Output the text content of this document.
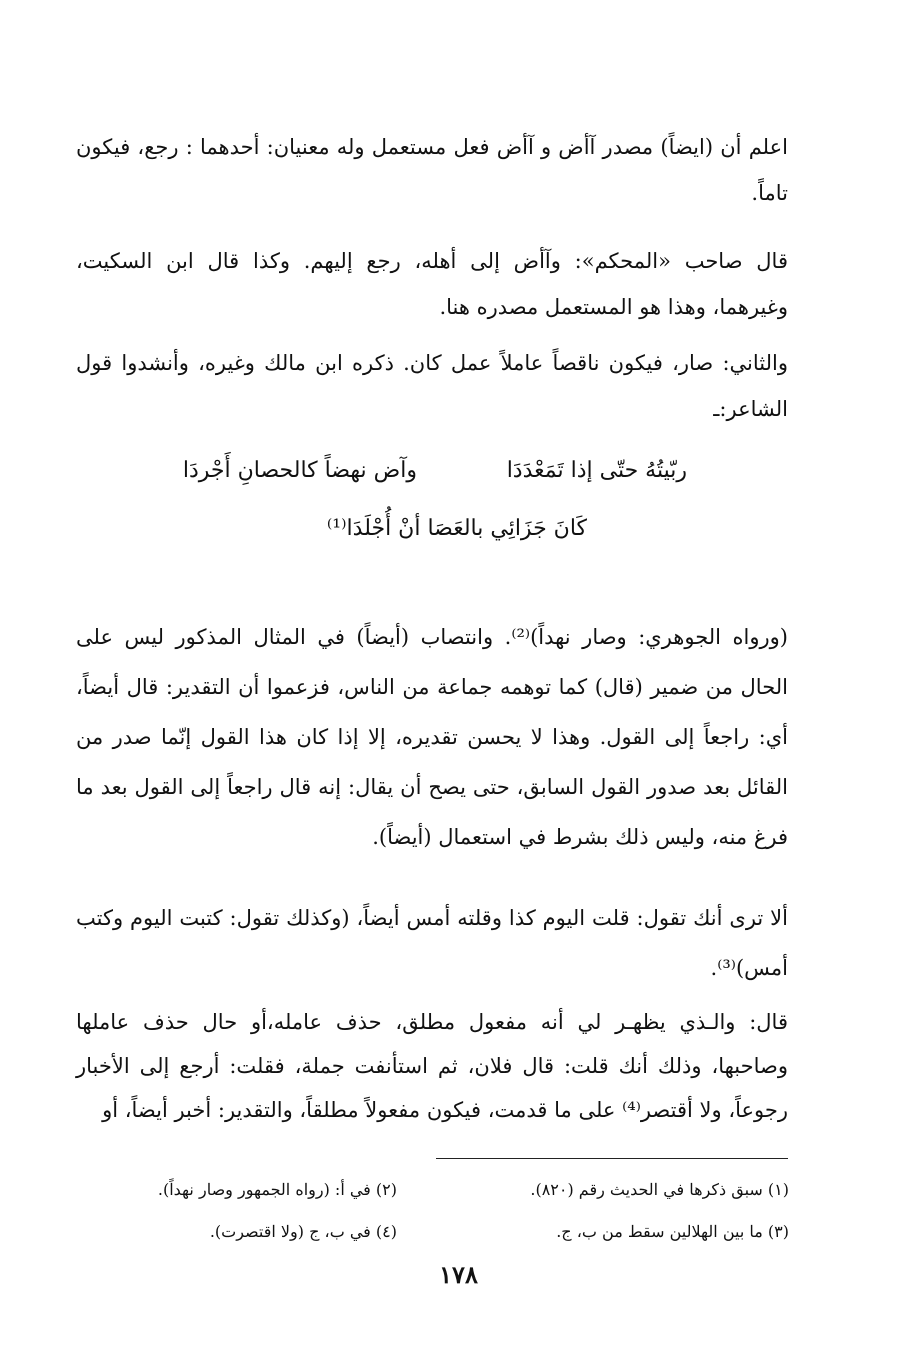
اعلم أن (ايضاً) مصدر آأض و آأض فعل مستعمل وله معنيان: أحدهما : رجع، فيكون تاماً.

قال صاحب «المحكم»: وآأض إلى أهله، رجع إليهم. وكذا قال ابن السكيت، وغيرهما، وهذا هو المستعمل مصدره هنا.

والثاني: صار، فيكون ناقصاً عاملاً عمل كان. ذكره ابن مالك وغيره، وأنشدوا قول الشاعر:ـ

ربّيتُهُ حتّى إذا تَمَعْدَدَا
وآض نهضاً كالحصانِ أَجْردَا
كَانَ جَزَائِي بالعَصَا أنْ أُجْلَدَا⁽¹⁾

(ورواه الجوهري: وصار نهداً)⁽²⁾. وانتصاب (أيضاً) في المثال المذكور ليس على الحال من ضمير (قال) كما توهمه جماعة من الناس، فزعموا أن التقدير: قال أيضاً، أي: راجعاً إلى القول. وهذا لا يحسن تقديره، إلا إذا كان هذا القول إنّما صدر من القائل بعد صدور القول السابق، حتى يصح أن يقال: إنه قال راجعاً إلى القول بعد ما فرغ منه، وليس ذلك بشرط في استعمال (أيضاً).

ألا ترى أنك تقول: قلت اليوم كذا وقلته أمس أيضاً، (وكذلك تقول: كتبت اليوم وكتب أمس)⁽³⁾.

قال: والـذي يظهـر لي أنه مفعول مطلق، حذف عامله،أو حال حذف عاملها وصاحبها، وذلك أنك قلت: قال فلان، ثم استأنفت جملة، فقلت: أرجع إلى الأخبار رجوعاً، ولا أقتصر⁽⁴⁾ على ما قدمت، فيكون مفعولاً مطلقاً، والتقدير: أخبر أيضاً، أو

(١) سبق ذكرها في الحديث رقم (٨٢٠).
(٢) في أ: (رواه الجمهور وصار نهداً).
(٣) ما بين الهلالين سقط من ب، ج.
(٤) في ب، ج (ولا اقتصرت).
١٧٨
